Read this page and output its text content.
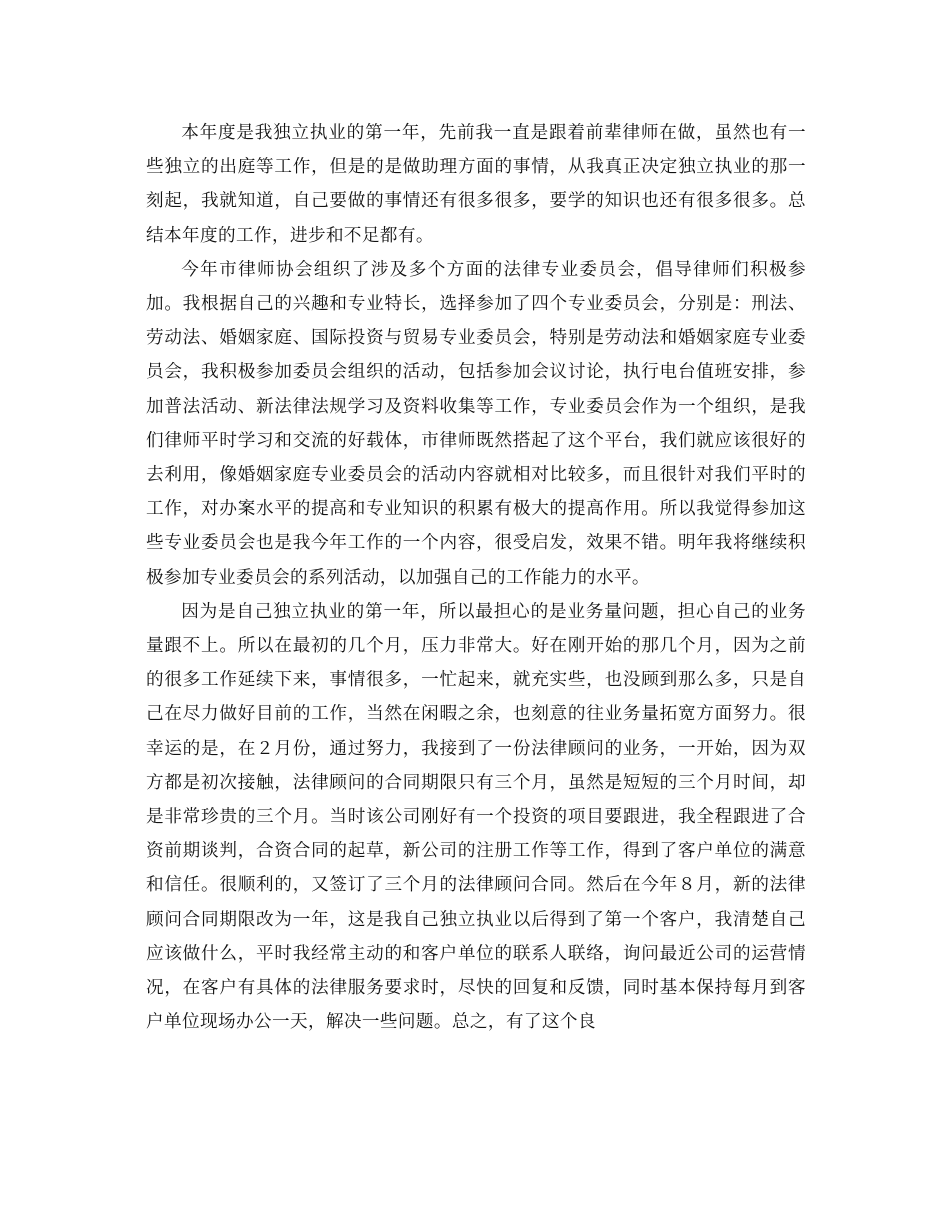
本年度是我独立执业的第一年，先前我一直是跟着前辈律师在做，虽然也有一些独立的出庭等工作，但是的是做助理方面的事情，从我真正决定独立执业的那一刻起，我就知道，自己要做的事情还有很多很多，要学的知识也还有很多很多。总结本年度的工作，进步和不足都有。

今年市律师协会组织了涉及多个方面的法律专业委员会，倡导律师们积极参加。我根据自己的兴趣和专业特长，选择参加了四个专业委员会，分别是：刑法、劳动法、婚姻家庭、国际投资与贸易专业委员会，特别是劳动法和婚姻家庭专业委员会，我积极参加委员会组织的活动，包括参加会议讨论，执行电台值班安排，参加普法活动、新法律法规学习及资料收集等工作，专业委员会作为一个组织，是我们律师平时学习和交流的好载体，市律师既然搭起了这个平台，我们就应该很好的去利用，像婚姻家庭专业委员会的活动内容就相对比较多，而且很针对我们平时的工作，对办案水平的提高和专业知识的积累有极大的提高作用。所以我觉得参加这些专业委员会也是我今年工作的一个内容，很受启发，效果不错。明年我将继续积极参加专业委员会的系列活动，以加强自己的工作能力的水平。

因为是自己独立执业的第一年，所以最担心的是业务量问题，担心自己的业务量跟不上。所以在最初的几个月，压力非常大。好在刚开始的那几个月，因为之前的很多工作延续下来，事情很多，一忙起来，就充实些，也没顾到那么多，只是自己在尽力做好目前的工作，当然在闲暇之余，也刻意的往业务量拓宽方面努力。很幸运的是，在２月份，通过努力，我接到了一份法律顾问的业务，一开始，因为双方都是初次接触，法律顾问的合同期限只有三个月，虽然是短短的三个月时间，却是非常珍贵的三个月。当时该公司刚好有一个投资的项目要跟进，我全程跟进了合资前期谈判，合资合同的起草，新公司的注册工作等工作，得到了客户单位的满意和信任。很顺利的，又签订了三个月的法律顾问合同。然后在今年８月，新的法律顾问合同期限改为一年，这是我自己独立执业以后得到了第一个客户，我清楚自己应该做什么，平时我经常主动的和客户单位的联系人联络，询问最近公司的运营情况，在客户有具体的法律服务要求时，尽快的回复和反馈，同时基本保持每月到客户单位现场办公一天，解决一些问题。总之，有了这个良
